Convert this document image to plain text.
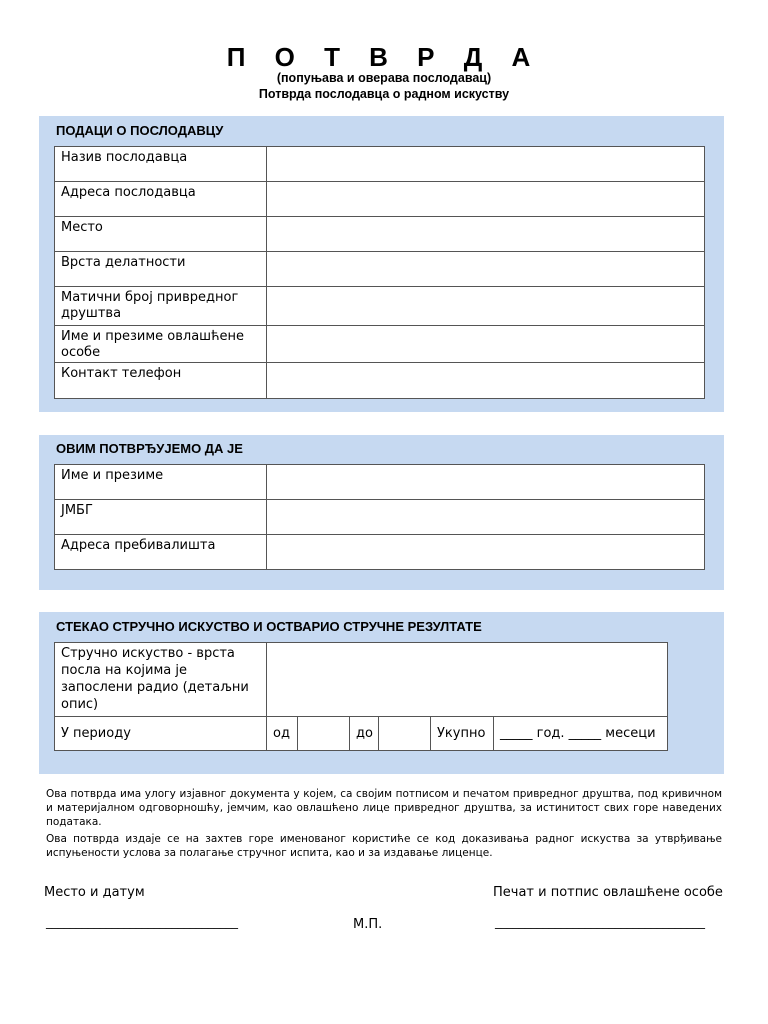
П О Т В Р Д А
(попуњава и оверава послодавац)
Потврда послодавца о радном искуству
ПОДАЦИ О ПОСЛОДАВЦУ
Назив послодавца	
Адреса послодавца	
Место	
Врста делатности	
Матични број привредног друштва	
Име и презиме овлашћене особе	
Контакт телефон	
ОВИМ ПОТВРЂУЈЕМО ДА ЈЕ
Име и презиме	
ЈМБГ	
Адреса пребивалишта	
СТЕКАО СТРУЧНО ИСКУСТВО И ОСТВАРИО СТРУЧНЕ РЕЗУЛТАТЕ
Стручно искуство - врста посла на којима је запослени радио (детаљни опис)	
У периоду	од		до		Укупно	_____ год. _____ месеци
Ова потврда има улогу изјавног документа у којем, са својим потписом и печатом привредног друштва, под кривичном и материјалном одговорношћу, јемчим, као овлашћено лице привредног друштва, за истинитост свих горе наведених података.
Ова потврда издаје се на захтев горе именованог користиће се код доказивања радног искуства за утврђивање испуњености услова за полагање стручног испита, као и за издавање лиценце.
Место и датум
________________________________	М.П.
Печат и потпис овлашћене особе
___________________________________
